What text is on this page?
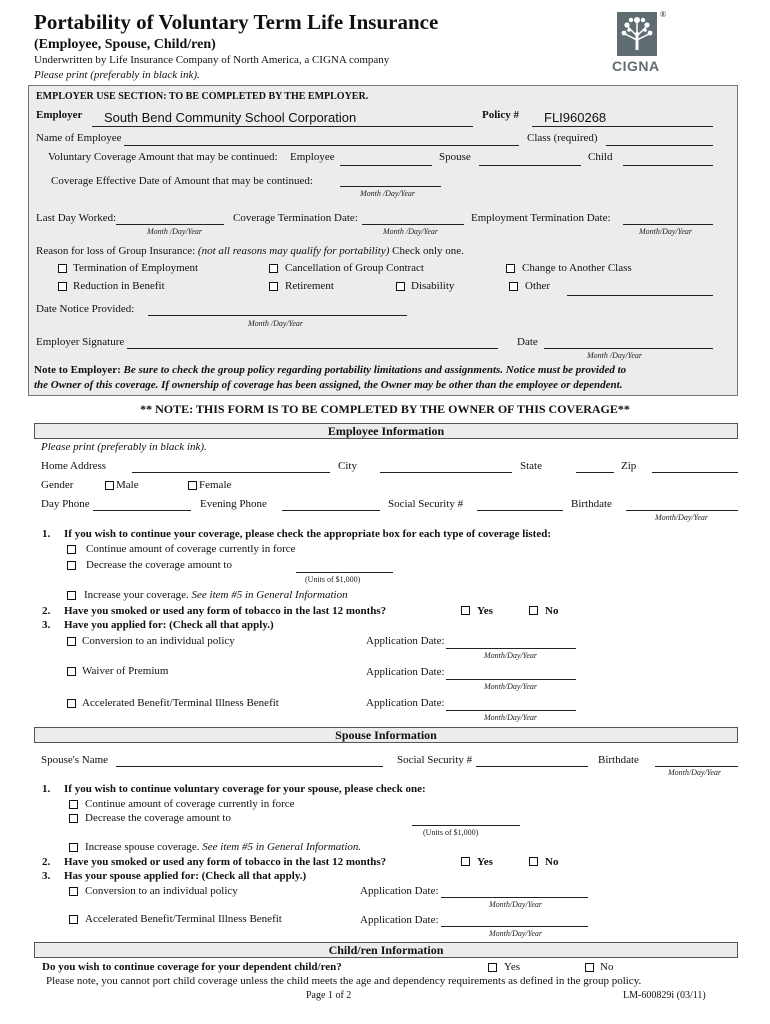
Portability of Voluntary Term Life Insurance
(Employee, Spouse, Child/ren)
Underwritten by Life Insurance Company of North America, a CIGNA company
Please print (preferably in black ink).
®
CIGNA
EMPLOYER USE SECTION: TO BE COMPLETED BY THE EMPLOYER.
Employer South Bend Community School Corporation	Policy # FLI960268
Name of Employee	Class (required)
Voluntary Coverage Amount that may be continued: Employee	Spouse	Child
Coverage Effective Date of Amount that may be continued:
Month /Day/Year
Last Day Worked:
Month /Day/Year
Coverage Termination Date:
Month /Day/Year
Employment Termination Date:
Month/Day/Year
Reason for loss of Group Insurance: (not all reasons may qualify for portability) Check only one.
Termination of Employment	Cancellation of Group Contract	Change to Another Class
Reduction in Benefit	Retirement	Disability	Other
Date Notice Provided:
Month /Day/Year
Employer Signature	Date
Month /Day/Year
Note to Employer: Be sure to check the group policy regarding portability limitations and assignments. Notice must be provided to
the Owner of this coverage. If ownership of coverage has been assigned, the Owner may be other than the employee or dependent.
** NOTE: THIS FORM IS TO BE COMPLETED BY THE OWNER OF THIS COVERAGE**
Employee Information
Please print (preferably in black ink).
Home Address	City	State	Zip
Gender	Male	Female
Day Phone	Evening Phone	Social Security #	Birthdate
Month/Day/Year
1. If you wish to continue your coverage, please check the appropriate box for each type of coverage listed:
Continue amount of coverage currently in force
Decrease the coverage amount to
(Units of $1,000)
Increase your coverage. See item #5 in General Information
2. Have you smoked or used any form of tobacco in the last 12 months?	Yes	No
3. Have you applied for: (Check all that apply.)
Conversion to an individual policy	Application Date:
Month/Day/Year
Waiver of Premium	Application Date:
Month/Day/Year
Accelerated Benefit/Terminal Illness Benefit	Application Date:
Month/Day/Year
Spouse Information
Spouse's Name	Social Security #	Birthdate
Month/Day/Year
1. If you wish to continue voluntary coverage for your spouse, please check one:
Continue amount of coverage currently in force
Decrease the coverage amount to
(Units of $1,000)
Increase spouse coverage. See item #5 in General Information.
2. Have you smoked or used any form of tobacco in the last 12 months?	Yes	No
3. Has your spouse applied for: (Check all that apply.)
Conversion to an individual policy	Application Date:
Month/Day/Year
Accelerated Benefit/Terminal Illness Benefit	Application Date:
Month/Day/Year
Child/ren Information
Do you wish to continue coverage for your dependent child/ren?	Yes	No
Please note, you cannot port child coverage unless the child meets the age and dependency requirements as defined in the group policy.
Page 1 of 2	LM-600829i (03/11)
